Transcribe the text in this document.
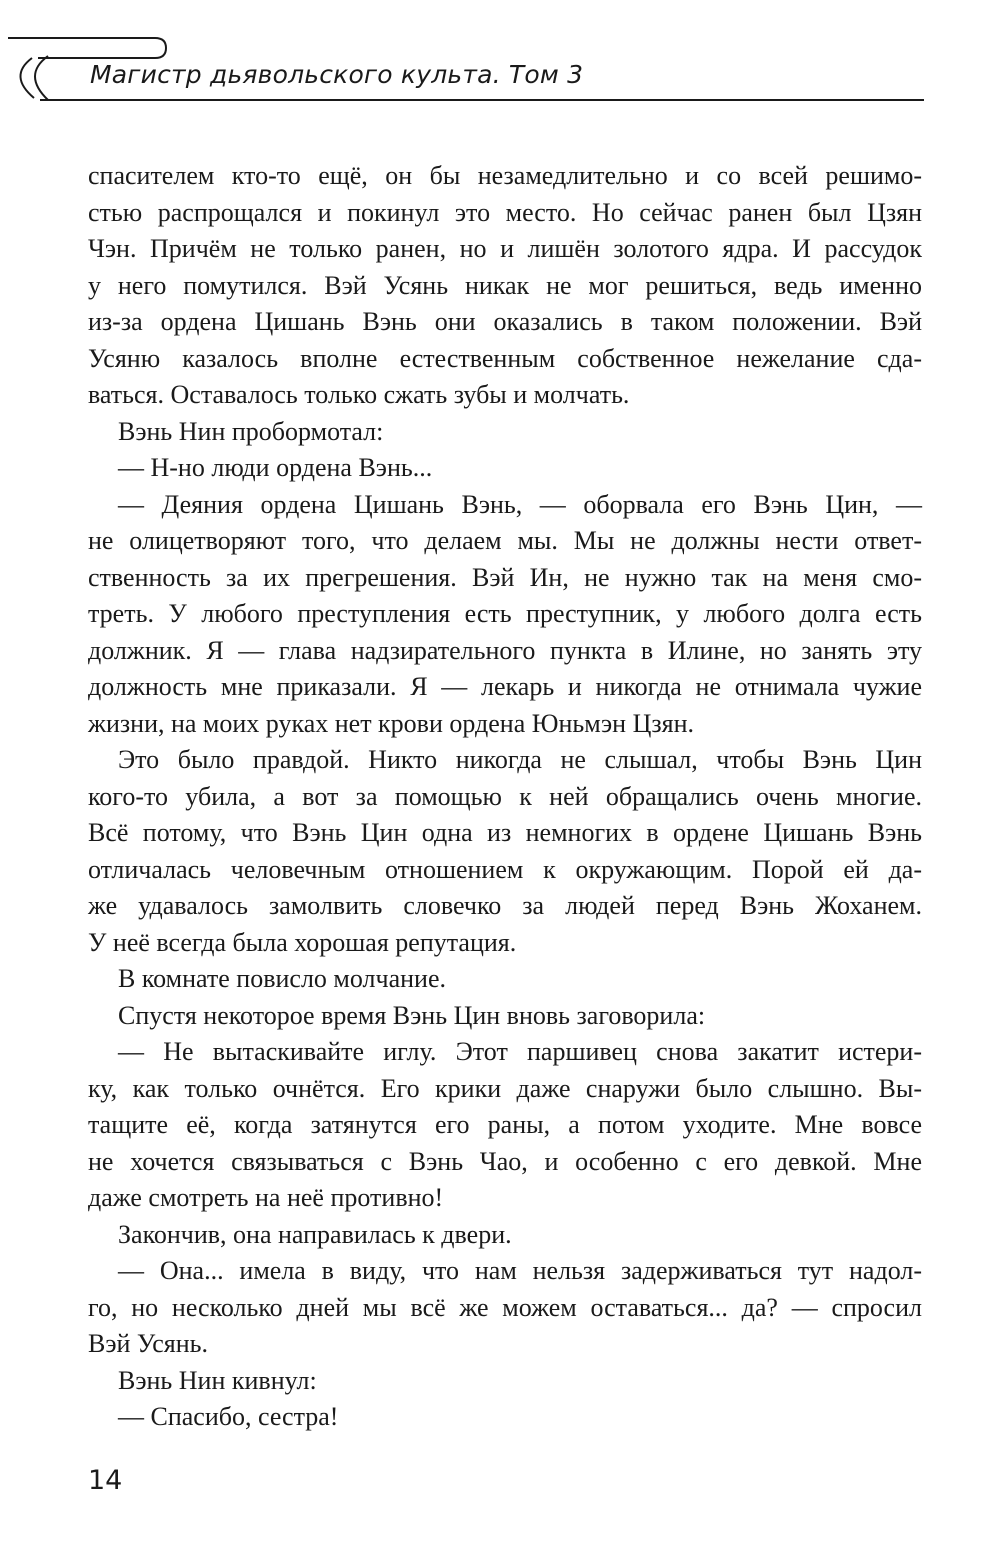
Магистр дьявольского культа. Том 3
спасителем кто-то ещё, он бы незамедлительно и со всей решимо-
стью распрощался и покинул это место. Но сейчас ранен был Цзян
Чэн. Причём не только ранен, но и лишён золотого ядра. И рассудок
у него помутился. Вэй Усянь никак не мог решиться, ведь именно
из-за ордена Цишань Вэнь они оказались в таком положении. Вэй
Усяню казалось вполне естественным собственное нежелание сда-
ваться. Оставалось только сжать зубы и молчать.
Вэнь Нин пробормотал:
— Н-но люди ордена Вэнь...
— Деяния ордена Цишань Вэнь, — оборвала его Вэнь Цин, —
не олицетворяют того, что делаем мы. Мы не должны нести ответ-
ственность за их прегрешения. Вэй Ин, не нужно так на меня смо-
треть. У любого преступления есть преступник, у любого долга есть
должник. Я — глава надзирательного пункта в Илине, но занять эту
должность мне приказали. Я — лекарь и никогда не отнимала чужие
жизни, на моих руках нет крови ордена Юньмэн Цзян.
Это было правдой. Никто никогда не слышал, чтобы Вэнь Цин
кого-то убила, а вот за помощью к ней обращались очень многие.
Всё потому, что Вэнь Цин одна из немногих в ордене Цишань Вэнь
отличалась человечным отношением к окружающим. Порой ей да-
же удавалось замолвить словечко за людей перед Вэнь Жоханем.
У неё всегда была хорошая репутация.
В комнате повисло молчание.
Спустя некоторое время Вэнь Цин вновь заговорила:
— Не вытаскивайте иглу. Этот паршивец снова закатит истери-
ку, как только очнётся. Его крики даже снаружи было слышно. Вы-
тащите её, когда затянутся его раны, а потом уходите. Мне вовсе
не хочется связываться с Вэнь Чао, и особенно с его девкой. Мне
даже смотреть на неё противно!
Закончив, она направилась к двери.
— Она... имела в виду, что нам нельзя задерживаться тут надол-
го, но несколько дней мы всё же можем оставаться... да? — спросил
Вэй Усянь.
Вэнь Нин кивнул:
— Спасибо, сестра!
14
